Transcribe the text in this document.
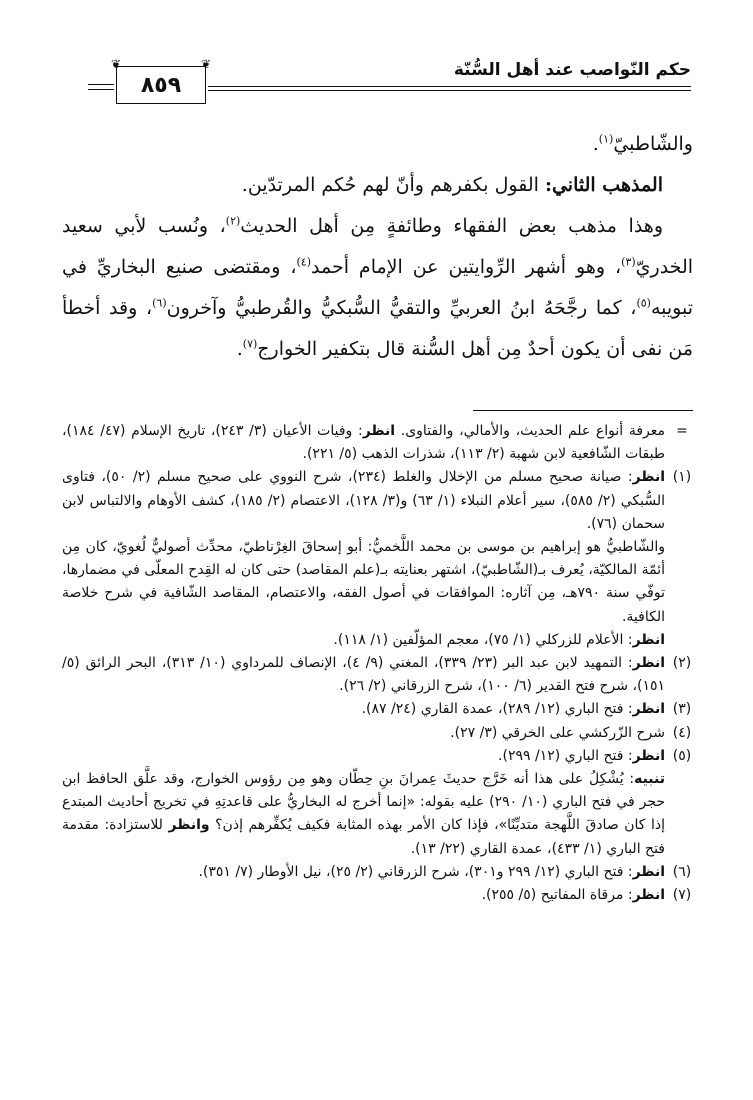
حكم النّواصب عند أهل السُّنّة
❦	❦
٨٥٩

والشّاطبيّ$^{(١)}$.

المذهب الثاني: القول بكفرهم وأنّ لهم حُكم المرتدّين.

وهذا مذهب بعض الفقهاء وطائفةٍ مِن أهل الحديث$^{(٢)}$، ونُسب لأبي سعيد الخدريّ$^{(٣)}$، وهو أشهر الرِّوايتين عن الإمام أحمد$^{(٤)}$، ومقتضى صنيع البخاريِّ في تبويبه$^{(٥)}$، كما رجَّحَهُ ابنُ العربيِّ والتقيُّ السُّبكيُّ والقُرطبيُّ وآخرون$^{(٦)}$، وقد أخطأ مَن نفى أن يكون أحدٌ مِن أهل السُّنة قال بتكفير الخوارج$^{(٧)}$.

=
معرفة أنواع علم الحديث، والأمالي، والفتاوى. انظر: وفيات الأعيان (٣/ ٢٤٣)، تاريخ الإسلام (٤٧/ ١٨٤)، طبقات الشّافعية لابن شهبة (٢/ ١١٣)، شذرات الذهب (٥/ ٢٢١).
(١)
انظر: صيانة صحيح مسلم من الإخلال والغلط (٢٣٤)، شرح النووي على صحيح مسلم (٢/ ٥٠)، فتاوى السُّبكي (٢/ ٥٨٥)، سير أعلام النبلاء (١/ ٦٣) و(٣/ ١٢٨)، الاعتصام (٢/ ١٨٥)، كشف الأوهام والالتباس لابن سحمان (٧٦).

والشّاطبيُّ هو إبراهيم بن موسى بن محمد اللَّخميُّ: أبو إسحاقَ الغِرْناطيّ، محدِّث أصوليٌّ لُغويّ، كان مِن أئمّة المالكيّة، يُعرف بـ(الشّاطبيّ)، اشتهر بعنايته بـ(علم المقاصد) حتى كان له القِدح المعلّى في مضمارها، توفّي سنة ٧٩٠هـ، مِن آثاره: الموافقات في أصول الفقه، والاعتصام، المقاصد الشّافية في شرح خلاصة الكافية.

انظر: الأعلام للزركلي (١/ ٧٥)، معجم المؤلّفين (١/ ١١٨).

(٢)
انظر: التمهيد لابن عبد البر (٢٣/ ٣٣٩)، المغني (٩/ ٤)، الإنصاف للمرداوي (١٠/ ٣١٣)، البحر الرائق (٥/ ١٥١)، شرح فتح القدير (٦/ ١٠٠)، شرح الزرقاني (٢/ ٢٦).
(٣)
انظر: فتح الباري (١٢/ ٢٨٩)، عمدة القاري (٢٤/ ٨٧).
(٤)
شرح الزّركشي على الخرقي (٣/ ٢٧).
(٥)
انظر: فتح الباري (١٢/ ٢٩٩).

تنبيه: يُشْكِلُ على هذا أنه خَرَّج حديثَ عِمرانَ بنِ حِطّان وهو مِن رؤوس الخوارج، وقد علَّق الحافظ ابن حجر في فتح الباري (١٠/ ٢٩٠) عليه بقوله: «إنما أخرج له البخاريُّ على قاعدتِهِ في تخريج أحاديث المبتدع إذا كان صادقَ اللَّهجة متديِّنًا»، فإذا كان الأمر بهذه المثابة فكيف يُكفِّرهم إذن؟ وانظر للاستزادة: مقدمة فتح الباري (١/ ٤٣٣)، عمدة القاري (٢٢/ ١٣).

(٦)
انظر: فتح الباري (١٢/ ٢٩٩ و٣٠١)، شرح الزرقاني (٢/ ٢٥)، نيل الأوطار (٧/ ٣٥١).
(٧)
انظر: مرقاة المفاتيح (٥/ ٢٥٥).
